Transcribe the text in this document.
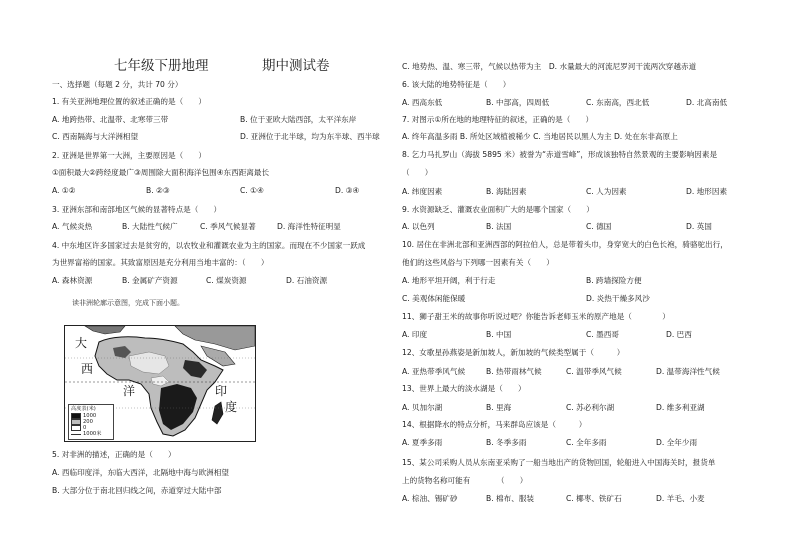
七年级下册地理	期中测试卷
一、选择题（每题 2 分，共计 70 分）
1. 有关亚洲地理位置的叙述正确的是（　　）
A. 地跨热带、北温带、北寒带三带	B. 位于亚欧大陆西部，太平洋东岸
C. 西南隔海与大洋洲相望	D. 亚洲位于北半球，均为东半球、西半球
2. 亚洲是世界第一大洲，主要原因是（　　）
①面积最大②跨经度最广③周围除大面积海洋包围④东西距离最长
A. ①②	B. ②③	C. ①④	D. ③④
3. 亚洲东部和南部地区气候的显著特点是（　　）
A. 气候炎热	B. 大陆性气候广	C. 季风气候显著	D. 海洋性特征明显
4. 中东地区许多国家过去是贫穷的，以农牧业和灌溉农业为主的国家。而现在不少国家一跃成
为世界富裕的国家。其致富原因是充分利用当地丰富的：（　　）
A. 森林资源	B. 金属矿产资源	C. 煤炭资源	D. 石油资源
读非洲轮廓示意图，完成下面小题。
大
西
洋	印
度
高度表(米)
1000
200
0
1000米
5. 对非洲的描述，正确的是（　　）
A. 西临印度洋，东临大西洋，北隔地中海与欧洲相望
B. 大部分位于南北回归线之间，赤道穿过大陆中部
C. 地势热、温、寒三带，气候以热带为主　D. 水量最大的河流尼罗河干流两次穿越赤道
6. 该大陆的地势特征是（　　）
A. 西高东低	B. 中部高，四周低	C. 东南高，西北低	D. 北高南低
7. 对图示①所在地的地理特征的叙述，正确的是（　　）
A. 终年高温多雨 B. 所处区域植被稀少 C. 当地居民以黑人为主 D. 处在东非高原上
8. 乞力马扎罗山（海拔 5895 米）被誉为“赤道雪峰”，形成该独特自然景观的主要影响因素是
（　　）
A. 纬度因素	B. 海陆因素	C. 人为因素	D. 地形因素
9. 水资源缺乏、灌溉农业面积广大的是哪个国家（　　）
A. 以色列	B. 法国	C. 德国	D. 英国
10. 居住在非洲北部和亚洲西部的阿拉伯人，总是带着头巾，身穿宽大的白色长袍，骑骆驼出行，
他们的这些风俗与下列哪一因素有关（　　）
A. 地形平坦开阔，利于行走	B. 跨墙探险方便
C. 美观体闲能保暖	D. 炎热干燥多风沙
11、狮子甜王米的故事你听说过吧？你能告诉老师玉米的原产地是（　　　　）
A. 印度	B. 中国	C. 墨西哥	D. 巴西
12、女歌星孙燕姿是新加坡人，新加坡的气候类型属于（　　　）
A. 亚热带季风气候	B. 热带雨林气候	C. 温带季风气候	D. 温带海洋性气候
13、世界上最大的淡水湖是（　　）
A. 贝加尔湖	B. 里海	C. 苏必利尔湖	D. 维多利亚湖
14、根据降水的特点分析，马来群岛应该是（　　　）
A. 夏季多雨	B. 冬季多雨	C. 全年多雨	D. 全年少雨
15、某公司采购人员从东南亚采购了一船当地出产的货物回国，轮船进入中国海关时，报货单
上的货物名称可能有　　　　（　　）
A. 棕油、锡矿砂	B. 棉布、服装	C. 椰枣、铁矿石	D. 羊毛、小麦
